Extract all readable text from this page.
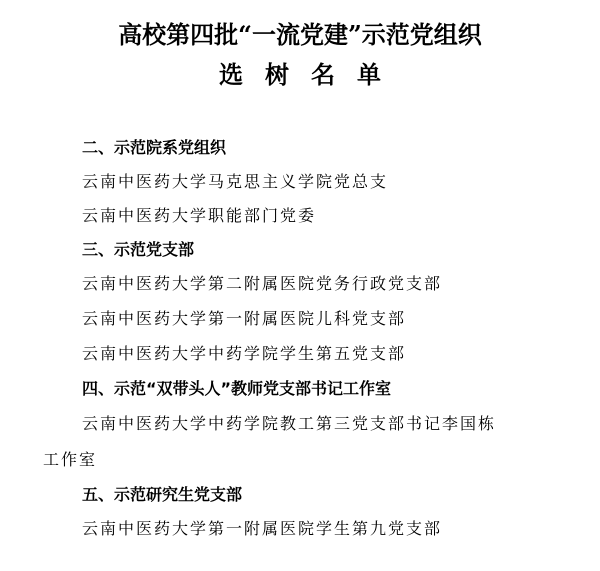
高校第四批“一流党建”示范党组织
选树名单
二、示范院系党组织
云南中医药大学马克思主义学院党总支
云南中医药大学职能部门党委
三、示范党支部
云南中医药大学第二附属医院党务行政党支部
云南中医药大学第一附属医院儿科党支部
云南中医药大学中药学院学生第五党支部
四、示范“双带头人”教师党支部书记工作室
云南中医药大学中药学院教工第三党支部书记李国栋
工作室
五、示范研究生党支部
云南中医药大学第一附属医院学生第九党支部
